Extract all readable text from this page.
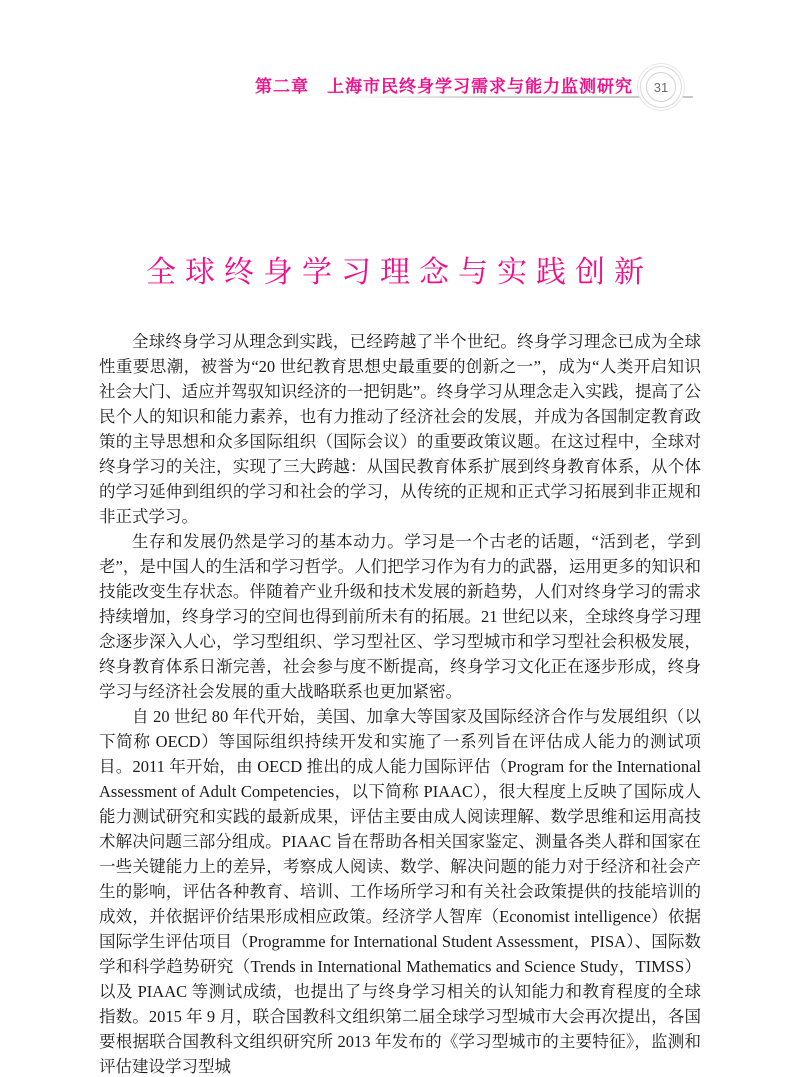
第二章　上海市民终身学习需求与能力监测研究	31
全球终身学习理念与实践创新

全球终身学习从理念到实践，已经跨越了半个世纪。终身学习理念已成为全球性重要思潮，被誉为“20 世纪教育思想史最重要的创新之一”，成为“人类开启知识社会大门、适应并驾驭知识经济的一把钥匙”。终身学习从理念走入实践，提高了公民个人的知识和能力素养，也有力推动了经济社会的发展，并成为各国制定教育政策的主导思想和众多国际组织（国际会议）的重要政策议题。在这过程中，全球对终身学习的关注，实现了三大跨越：从国民教育体系扩展到终身教育体系，从个体的学习延伸到组织的学习和社会的学习，从传统的正规和正式学习拓展到非正规和非正式学习。

生存和发展仍然是学习的基本动力。学习是一个古老的话题，“活到老，学到老”，是中国人的生活和学习哲学。人们把学习作为有力的武器，运用更多的知识和技能改变生存状态。伴随着产业升级和技术发展的新趋势，人们对终身学习的需求持续增加，终身学习的空间也得到前所未有的拓展。21 世纪以来，全球终身学习理念逐步深入人心，学习型组织、学习型社区、学习型城市和学习型社会积极发展，终身教育体系日渐完善，社会参与度不断提高，终身学习文化正在逐步形成，终身学习与经济社会发展的重大战略联系也更加紧密。

自 20 世纪 80 年代开始，美国、加拿大等国家及国际经济合作与发展组织（以下简称 OECD）等国际组织持续开发和实施了一系列旨在评估成人能力的测试项目。2011 年开始，由 OECD 推出的成人能力国际评估（Program for the International Assessment of Adult Competencies，以下简称 PIAAC），很大程度上反映了国际成人能力测试研究和实践的最新成果，评估主要由成人阅读理解、数学思维和运用高技术解决问题三部分组成。PIAAC 旨在帮助各相关国家鉴定、测量各类人群和国家在一些关键能力上的差异，考察成人阅读、数学、解决问题的能力对于经济和社会产生的影响，评估各种教育、培训、工作场所学习和有关社会政策提供的技能培训的成效，并依据评价结果形成相应政策。经济学人智库（Economist intelligence）依据国际学生评估项目（Programme for International Student Assessment，PISA）、国际数学和科学趋势研究（Trends in International Mathematics and Science Study，TIMSS）以及 PIAAC 等测试成绩，也提出了与终身学习相关的认知能力和教育程度的全球指数。2015 年 9 月，联合国教科文组织第二届全球学习型城市大会再次提出，各国要根据联合国教科文组织研究所 2013 年发布的《学习型城市的主要特征》，监测和评估建设学习型城
